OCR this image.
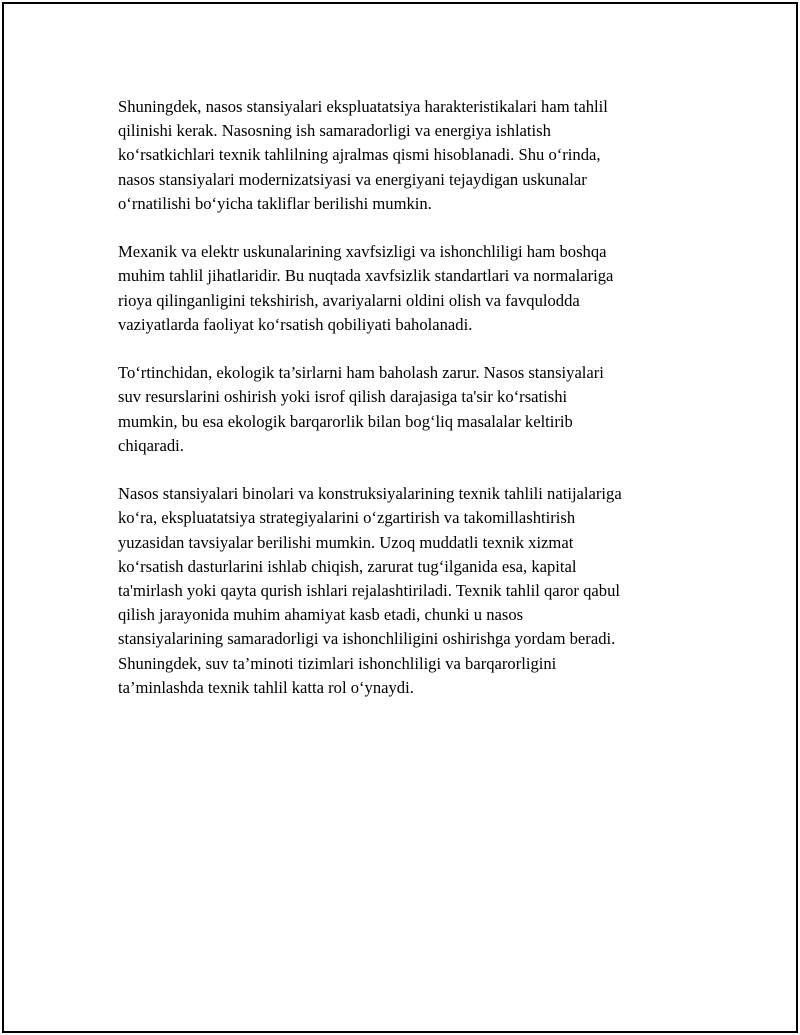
Shuningdek, nasos stansiyalari ekspluatatsiya harakteristikalari ham tahlil
qilinishi kerak. Nasosning ish samaradorligi va energiya ishlatish
ko‘rsatkichlari texnik tahlilning ajralmas qismi hisoblanadi. Shu o‘rinda,
nasos stansiyalari modernizatsiyasi va energiyani tejaydigan uskunalar
o‘rnatilishi bo‘yicha takliflar berilishi mumkin.

Mexanik va elektr uskunalarining xavfsizligi va ishonchliligi ham boshqa
muhim tahlil jihatlaridir. Bu nuqtada xavfsizlik standartlari va normalariga
rioya qilinganligini tekshirish, avariyalarni oldini olish va favqulodda
vaziyatlarda faoliyat ko‘rsatish qobiliyati baholanadi.

To‘rtinchidan, ekologik ta’sirlarni ham baholash zarur. Nasos stansiyalari
suv resurslarini oshirish yoki isrof qilish darajasiga ta'sir ko‘rsatishi
mumkin, bu esa ekologik barqarorlik bilan bog‘liq masalalar keltirib
chiqaradi.

Nasos stansiyalari binolari va konstruksiyalarining texnik tahlili natijalariga
ko‘ra, ekspluatatsiya strategiyalarini o‘zgartirish va takomillashtirish
yuzasidan tavsiyalar berilishi mumkin. Uzoq muddatli texnik xizmat
ko‘rsatish dasturlarini ishlab chiqish, zarurat tug‘ilganida esa, kapital
ta'mirlash yoki qayta qurish ishlari rejalashtiriladi. Texnik tahlil qaror qabul
qilish jarayonida muhim ahamiyat kasb etadi, chunki u nasos
stansiyalarining samaradorligi va ishonchliligini oshirishga yordam beradi.
Shuningdek, suv ta’minoti tizimlari ishonchliligi va barqarorligini
ta’minlashda texnik tahlil katta rol o‘ynaydi.
